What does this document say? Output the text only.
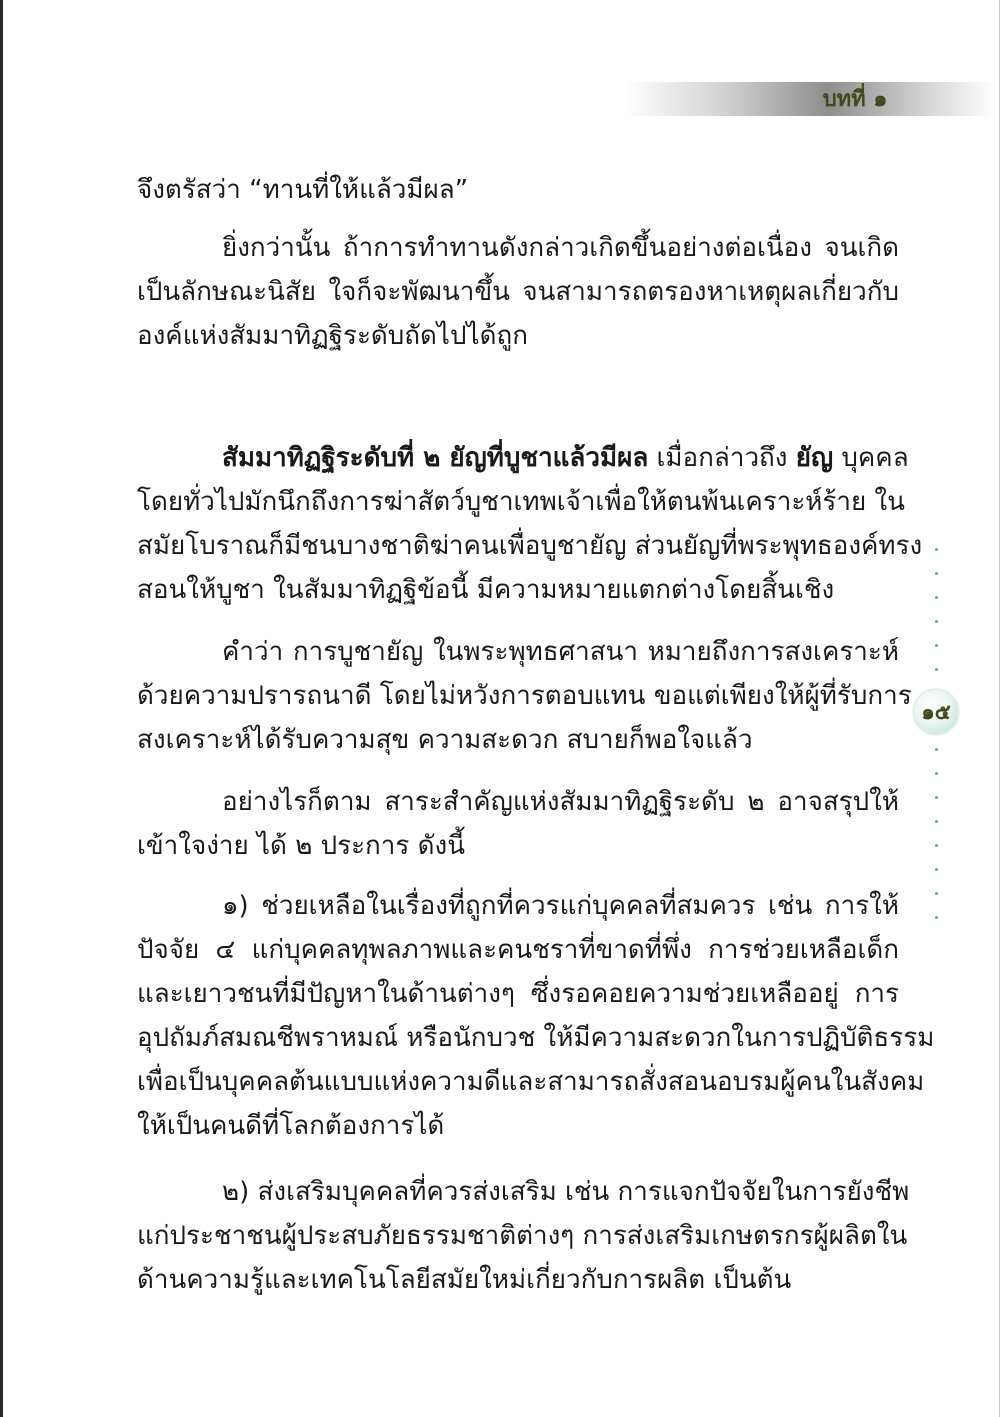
บทที่ ๑
จึงตรัสว่า “ทานที่ให้แล้วมีผล”
ยิ่งกว่านั้น ถ้าการทำทานดังกล่าวเกิดขึ้นอย่างต่อเนื่อง จนเกิด
เป็นลักษณะนิสัย ใจก็จะพัฒนาขึ้น จนสามารถตรองหาเหตุผลเกี่ยวกับ
องค์แห่งสัมมาทิฏฐิระดับถัดไปได้ถูก
สัมมาทิฏฐิระดับที่ ๒ ยัญที่บูชาแล้วมีผล เมื่อกล่าวถึง ยัญ บุคคล
โดยทั่วไปมักนึกถึงการฆ่าสัตว์บูชาเทพเจ้าเพื่อให้ตนพ้นเคราะห์ร้าย ใน
สมัยโบราณก็มีชนบางชาติฆ่าคนเพื่อบูชายัญ ส่วนยัญที่พระพุทธองค์ทรง
สอนให้บูชา ในสัมมาทิฏฐิข้อนี้ มีความหมายแตกต่างโดยสิ้นเชิง
คำว่า การบูชายัญ ในพระพุทธศาสนา หมายถึงการสงเคราะห์
ด้วยความปรารถนาดี โดยไม่หวังการตอบแทน ขอแต่เพียงให้ผู้ที่รับการ
สงเคราะห์ได้รับความสุข ความสะดวก สบายก็พอใจแล้ว
อย่างไรก็ตาม สาระสำคัญแห่งสัมมาทิฏฐิระดับ ๒ อาจสรุปให้
เข้าใจง่าย ได้ ๒ ประการ ดังนี้
๑) ช่วยเหลือในเรื่องที่ถูกที่ควรแก่บุคคลที่สมควร เช่น การให้
ปัจจัย ๔ แก่บุคคลทุพลภาพและคนชราที่ขาดที่พึ่ง การช่วยเหลือเด็ก
และเยาวชนที่มีปัญหาในด้านต่างๆ ซึ่งรอคอยความช่วยเหลืออยู่ การ
อุปถัมภ์สมณชีพราหมณ์ หรือนักบวช ให้มีความสะดวกในการปฏิบัติธรรม
เพื่อเป็นบุคคลต้นแบบแห่งความดีและสามารถสั่งสอนอบรมผู้คนในสังคม
ให้เป็นคนดีที่โลกต้องการได้
๒) ส่งเสริมบุคคลที่ควรส่งเสริม เช่น การแจกปัจจัยในการยังชีพ
แก่ประชาชนผู้ประสบภัยธรรมชาติต่างๆ การส่งเสริมเกษตรกรผู้ผลิตใน
ด้านความรู้และเทคโนโลยีสมัยใหม่เกี่ยวกับการผลิต เป็นต้น
๑๕
